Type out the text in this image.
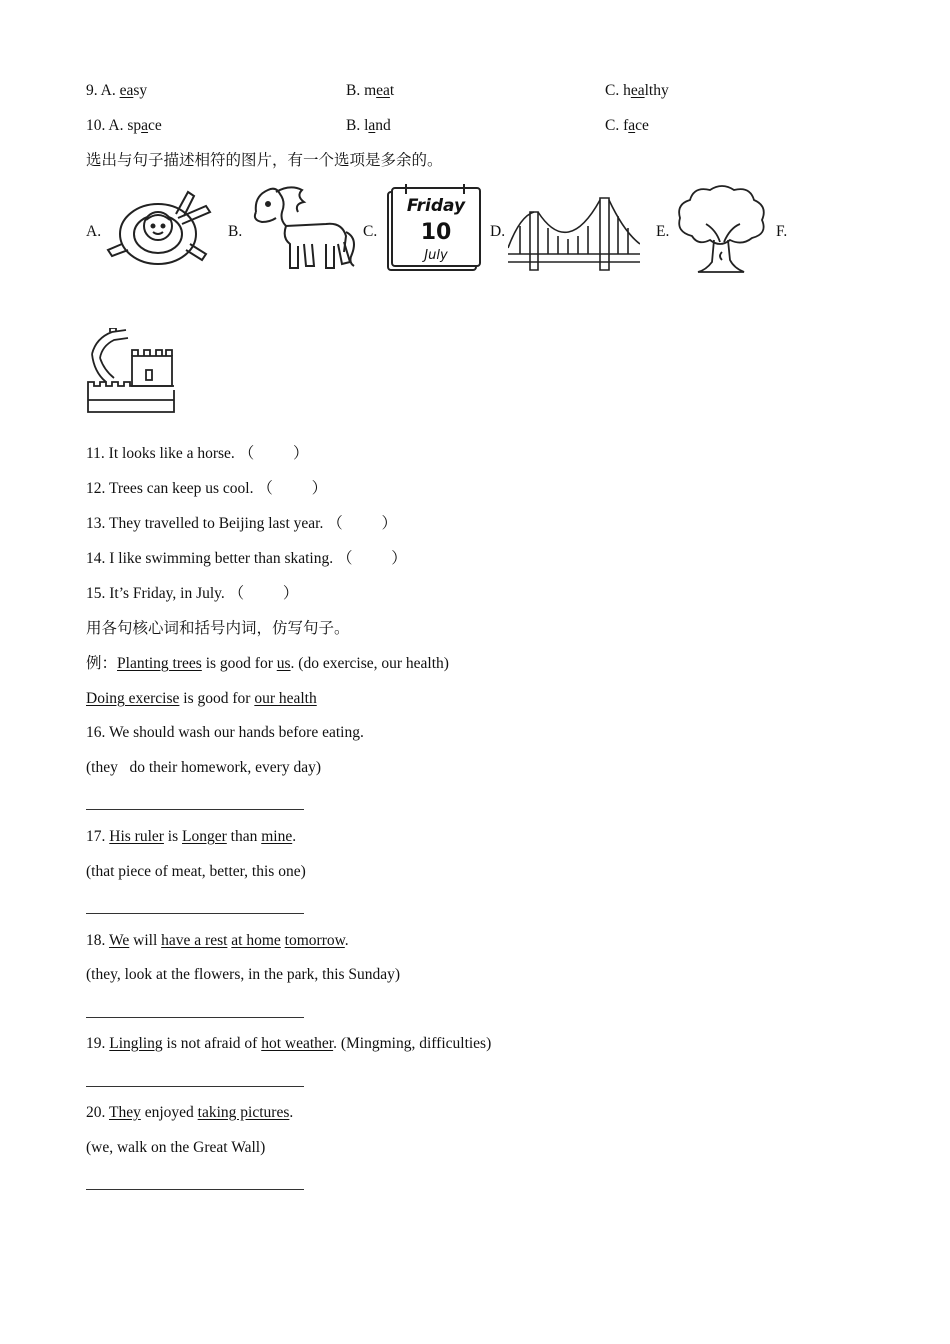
9. A. easy	B. meat	C. healthy
10. A. space	B. land	C. face
选出与句子描述相符的图片，有一个选项是多余的。
A.	B.	C.
Friday
10
July
D.	E.	F.
11. It looks like a horse. （          ）
12. Trees can keep us cool. （          ）
13. They travelled to Beijing last year. （          ）
14. I like swimming better than skating. （          ）
15. It’s Friday, in July. （          ）
用各句核心词和括号内词，仿写句子。
例：Planting trees is good for us. (do exercise, our health)
Doing exercise is good for our health
16. We should wash our hands before eating.
(they   do their homework, every day)
17. His ruler is Longer than mine.
(that piece of meat, better, this one)
18. We will have a rest at home tomorrow.
(they, look at the flowers, in the park, this Sunday)
19. Lingling is not afraid of hot weather. (Mingming, difficulties)
20. They enjoyed taking pictures.
(we, walk on the Great Wall)
